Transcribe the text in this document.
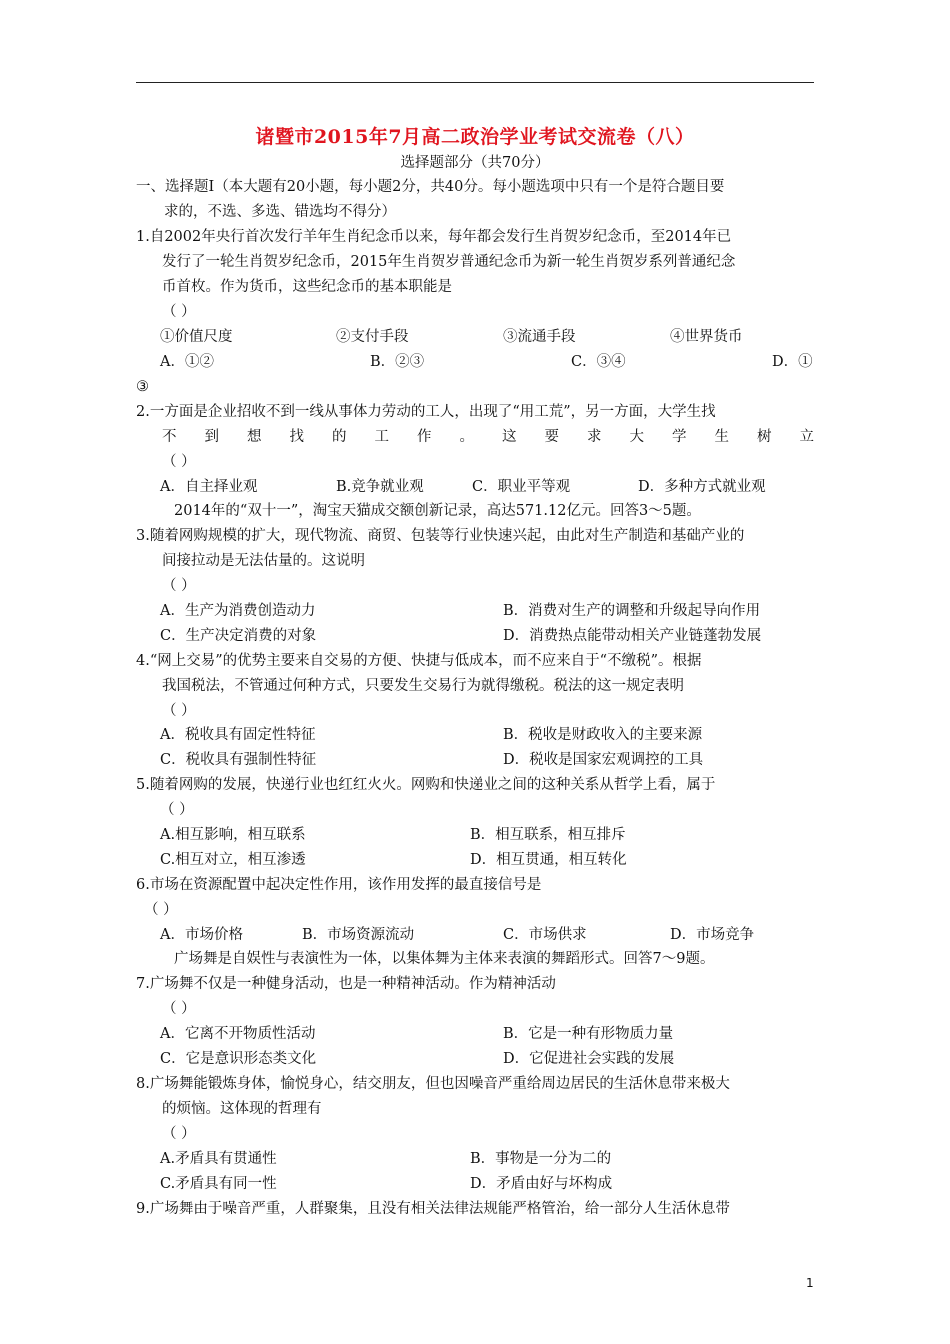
诸暨市2015年7月高二政治学业考试交流卷（八）
选择题部分（共70分）
一、选择题Ⅰ（本大题有20小题，每小题2分，共40分。每小题选项中只有一个是符合题目要
求的，不选、多选、错选均不得分）
1.自2002年央行首次发行羊年生肖纪念币以来，每年都会发行生肖贺岁纪念币，至2014年已
发行了一轮生肖贺岁纪念币，2015年生肖贺岁普通纪念币为新一轮生肖贺岁系列普通纪念
币首枚。作为货币，这些纪念币的基本职能是
（ ）
①价值尺度	②支付手段	③流通手段	④世界货币
A．①②	B．②③	C．③④	D．①
③
2.一方面是企业招收不到一线从事体力劳动的工人，出现了“用工荒”，另一方面，大学生找
不 到 想 找 的 工 作 。 这 要 求 大 学 生 树 立
（ ）
A．自主择业观	B.竞争就业观	C．职业平等观	D．多种方式就业观
2014年的“双十一”，淘宝天猫成交额创新记录，高达571.12亿元。回答3～5题。
3.随着网购规模的扩大，现代物流、商贸、包装等行业快速兴起，由此对生产制造和基础产业的
间接拉动是无法估量的。这说明
（ ）
A．生产为消费创造动力	B．消费对生产的调整和升级起导向作用
C．生产决定消费的对象	D．消费热点能带动相关产业链蓬勃发展
4.“网上交易”的优势主要来自交易的方便、快捷与低成本，而不应来自于“不缴税”。根据
我国税法，不管通过何种方式，只要发生交易行为就得缴税。税法的这一规定表明
（ ）
A．税收具有固定性特征	B．税收是财政收入的主要来源
C．税收具有强制性特征	D．税收是国家宏观调控的工具
5.随着网购的发展，快递行业也红红火火。网购和快递业之间的这种关系从哲学上看，属于
（ ）
A.相互影响，相互联系	B．相互联系，相互排斥
C.相互对立，相互渗透	D．相互贯通，相互转化
6.市场在资源配置中起决定性作用，该作用发挥的最直接信号是
（ ）
A．市场价格	B．市场资源流动	C．市场供求	D．市场竞争
广场舞是自娱性与表演性为一体，以集体舞为主体来表演的舞蹈形式。回答7～9题。
7.广场舞不仅是一种健身活动，也是一种精神活动。作为精神活动
（ ）
A．它离不开物质性活动	B．它是一种有形物质力量
C．它是意识形态类文化	D．它促进社会实践的发展
8.广场舞能锻炼身体，愉悦身心，结交朋友，但也因噪音严重给周边居民的生活休息带来极大
的烦恼。这体现的哲理有
（ ）
A.矛盾具有贯通性	B．事物是一分为二的
C.矛盾具有同一性	D．矛盾由好与坏构成
9.广场舞由于噪音严重，人群聚集，且没有相关法律法规能严格管治，给一部分人生活休息带
1
